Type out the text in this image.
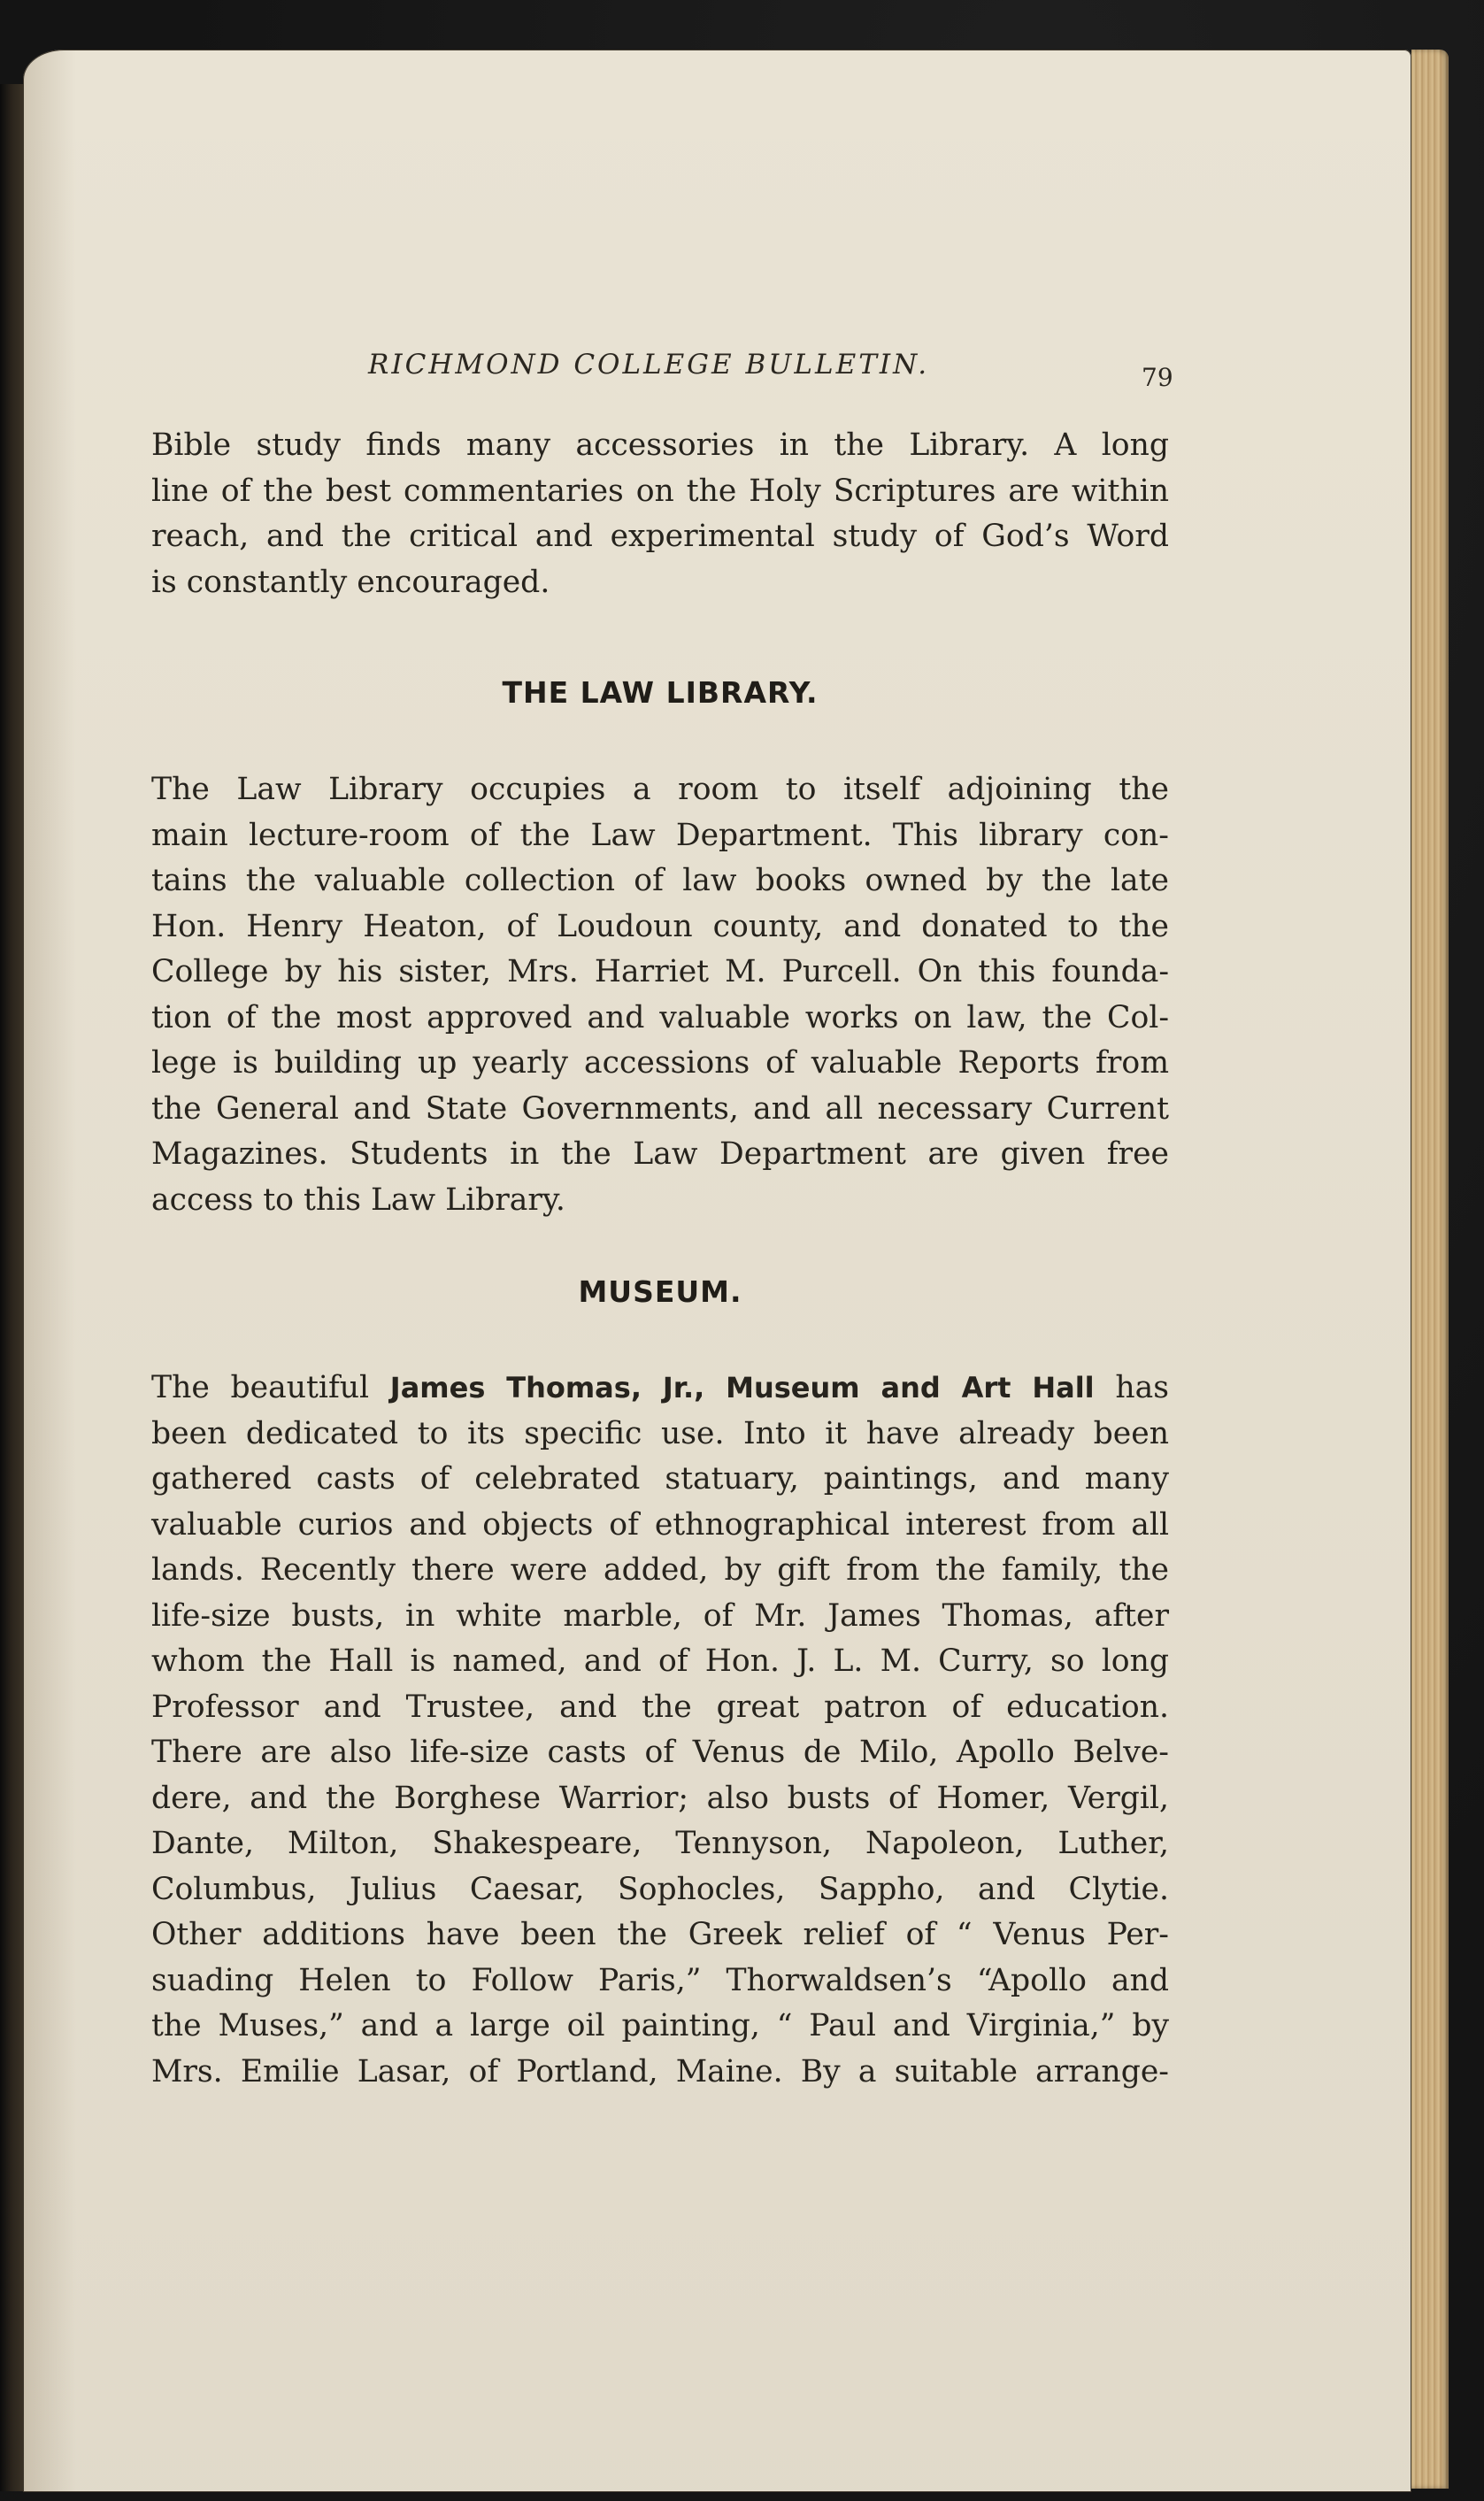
RICHMOND COLLEGE BULLETIN.	79

Bible study finds many accessories in the Library. A long
line of the best commentaries on the Holy Scriptures are within
reach, and the critical and experimental study of God’s Word
is constantly encouraged.

THE LAW LIBRARY.

The Law Library occupies a room to itself adjoining the
main lecture-room of the Law Department. This library con-
tains the valuable collection of law books owned by the late
Hon. Henry Heaton, of Loudoun county, and donated to the
College by his sister, Mrs. Harriet M. Purcell. On this founda-
tion of the most approved and valuable works on law, the Col-
lege is building up yearly accessions of valuable Reports from
the General and State Governments, and all necessary Current
Magazines. Students in the Law Department are given free
access to this Law Library.

MUSEUM.

The beautiful James Thomas, Jr., Museum and Art Hall has
been dedicated to its specific use. Into it have already been
gathered casts of celebrated statuary, paintings, and many
valuable curios and objects of ethnographical interest from all
lands. Recently there were added, by gift from the family, the
life-size busts, in white marble, of Mr. James Thomas, after
whom the Hall is named, and of Hon. J. L. M. Curry, so long
Professor and Trustee, and the great patron of education.
There are also life-size casts of Venus de Milo, Apollo Belve-
dere, and the Borghese Warrior; also busts of Homer, Vergil,
Dante, Milton, Shakespeare, Tennyson, Napoleon, Luther,
Columbus, Julius Caesar, Sophocles, Sappho, and Clytie.
Other additions have been the Greek relief of “ Venus Per-
suading Helen to Follow Paris,” Thorwaldsen’s “Apollo and
the Muses,” and a large oil painting, “ Paul and Virginia,” by
Mrs. Emilie Lasar, of Portland, Maine. By a suitable arrange-
